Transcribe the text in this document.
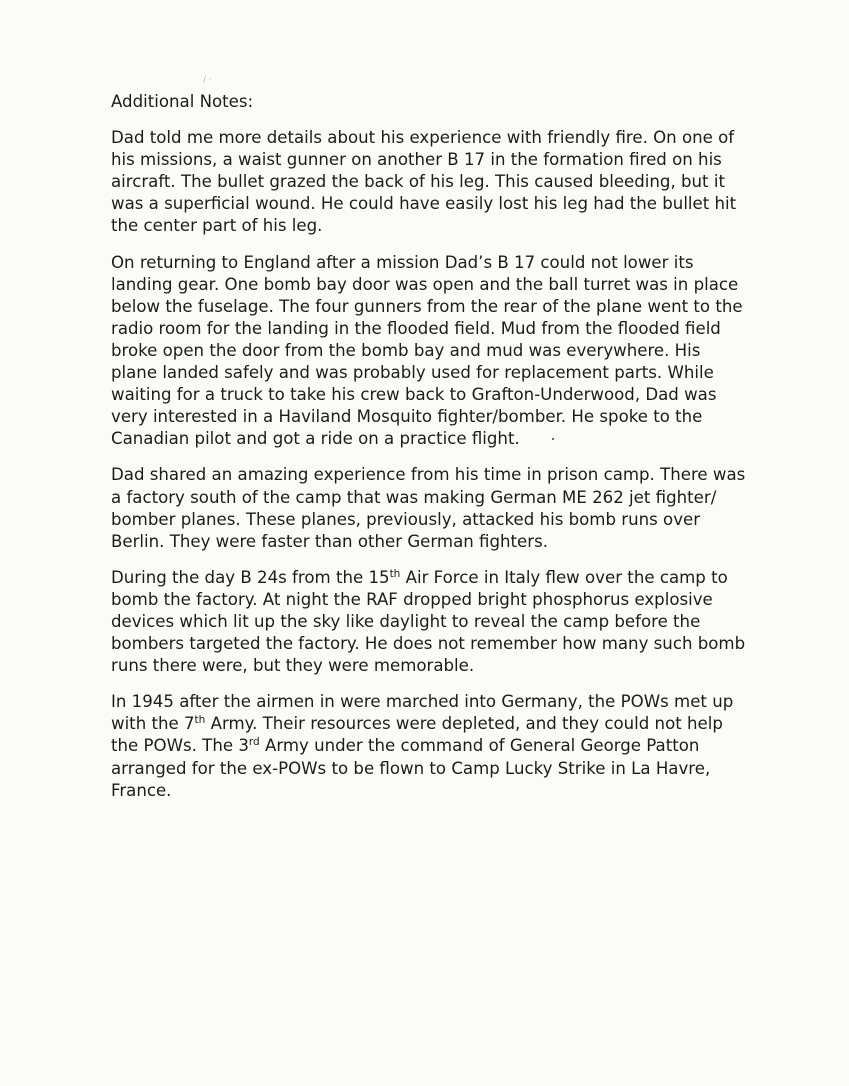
/ ·
Additional Notes:
Dad told me more details about his experience with friendly fire. On one of
his missions, a waist gunner on another B 17 in the formation fired on his
aircraft. The bullet grazed the back of his leg. This caused bleeding, but it
was a superficial wound. He could have easily lost his leg had the bullet hit
the center part of his leg.
On returning to England after a mission Dad’s B 17 could not lower its
landing gear. One bomb bay door was open and the ball turret was in place
below the fuselage. The four gunners from the rear of the plane went to the
radio room for the landing in the flooded field. Mud from the flooded field
broke open the door from the bomb bay and mud was everywhere. His
plane landed safely and was probably used for replacement parts. While
waiting for a truck to take his crew back to Grafton-Underwood, Dad was
very interested in a Haviland Mosquito fighter/bomber. He spoke to the
Canadian pilot and got a ride on a practice flight.
Dad shared an amazing experience from his time in prison camp. There was
a factory south of the camp that was making German ME 262 jet fighter/
bomber planes. These planes, previously, attacked his bomb runs over
Berlin. They were faster than other German fighters.
During the day B 24s from the 15th Air Force in Italy flew over the camp to
bomb the factory. At night the RAF dropped bright phosphorus explosive
devices which lit up the sky like daylight to reveal the camp before the
bombers targeted the factory. He does not remember how many such bomb
runs there were, but they were memorable.
In 1945 after the airmen in were marched into Germany, the POWs met up
with the 7th Army. Their resources were depleted, and they could not help
the POWs. The 3rd Army under the command of General George Patton
arranged for the ex-POWs to be flown to Camp Lucky Strike in La Havre,
France.
